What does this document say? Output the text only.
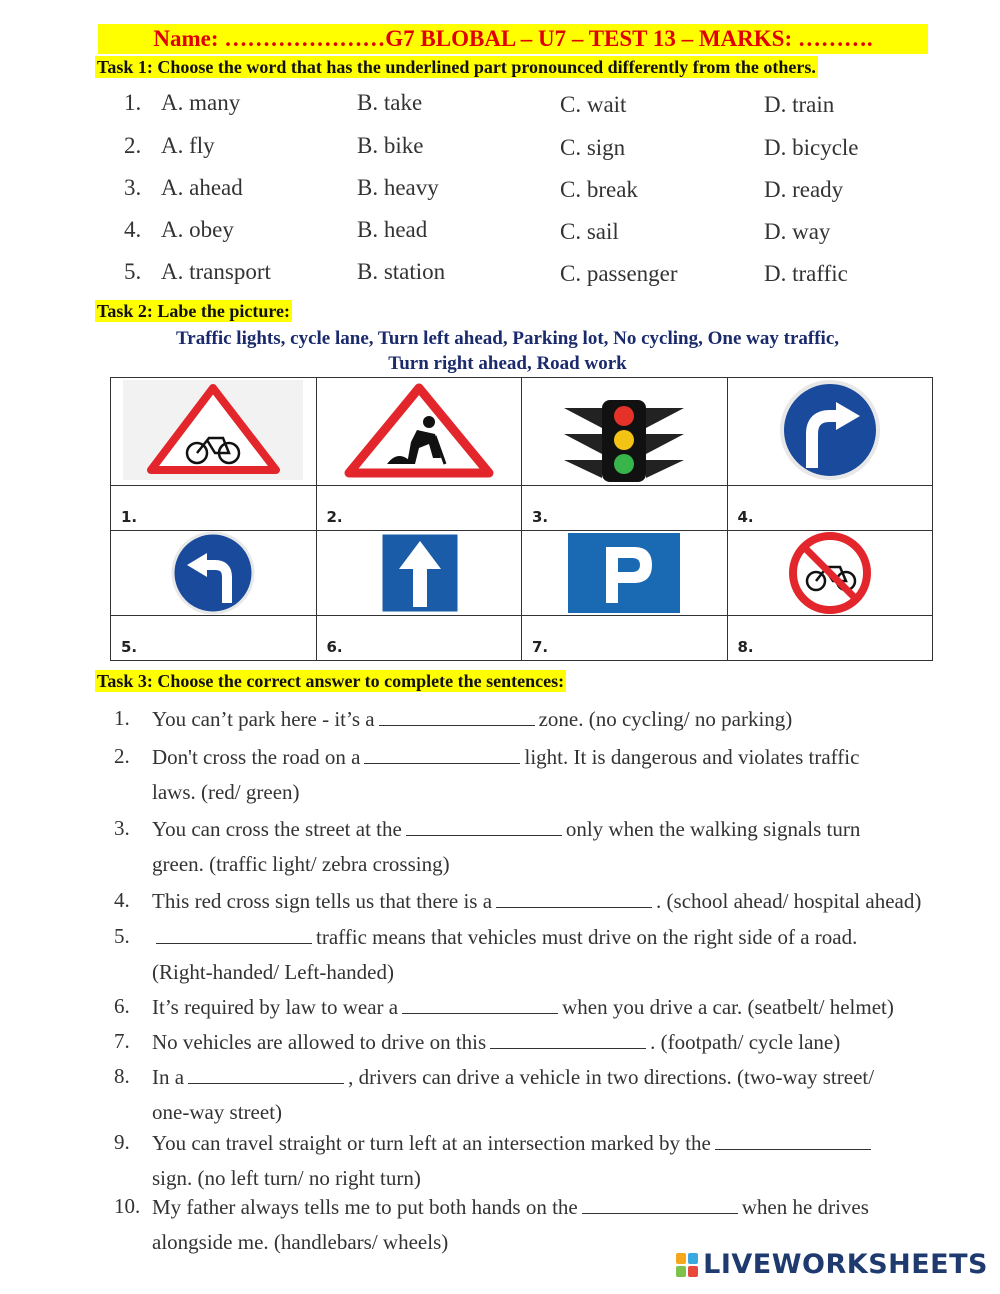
Name: …………………G7 BLOBAL – U7 – TEST 13 – MARKS: ……….
Task 1: Choose the word that has the underlined part pronounced differently from the others.
1. A. many	B. take	C. wait	D. train
2. A. fly	B. bike	C. sign	D. bicycle
3. A. ahead	B. heavy	C. break	D. ready
4. A. obey	B. head	C. sail	D. way
5. A. transport	B. station	C. passenger	D. traffic
Task 2: Labe the picture:
Traffic lights, cycle lane, Turn left ahead, Parking lot, No cycling, One way traffic,
Turn right ahead, Road work

1.	2.	3.	4.

5.	6.	7.	8.
Task 3: Choose the correct answer to complete the sentences:
1. You can’t park here - it’s a	zone. (no cycling/ no parking)
2. Don't cross the road on a	light. It is dangerous and violates traffic
laws. (red/ green)
3. You can cross the street at the	only when the walking signals turn
green. (traffic light/ zebra crossing)
4. This red cross sign tells us that there is a	. (school ahead/ hospital ahead)
5.	traffic means that vehicles must drive on the right side of a road.
(Right-handed/ Left-handed)
6. It’s required by law to wear a	when you drive a car. (seatbelt/ helmet)
7. No vehicles are allowed to drive on this	. (footpath/ cycle lane)
8. In a	, drivers can drive a vehicle in two directions. (two-way street/
one-way street)
9. You can travel straight or turn left at an intersection marked by the
sign. (no left turn/ no right turn)
10. My father always tells me to put both hands on the	when he drives
alongside me. (handlebars/ wheels)
LIVEWORKSHEETS
